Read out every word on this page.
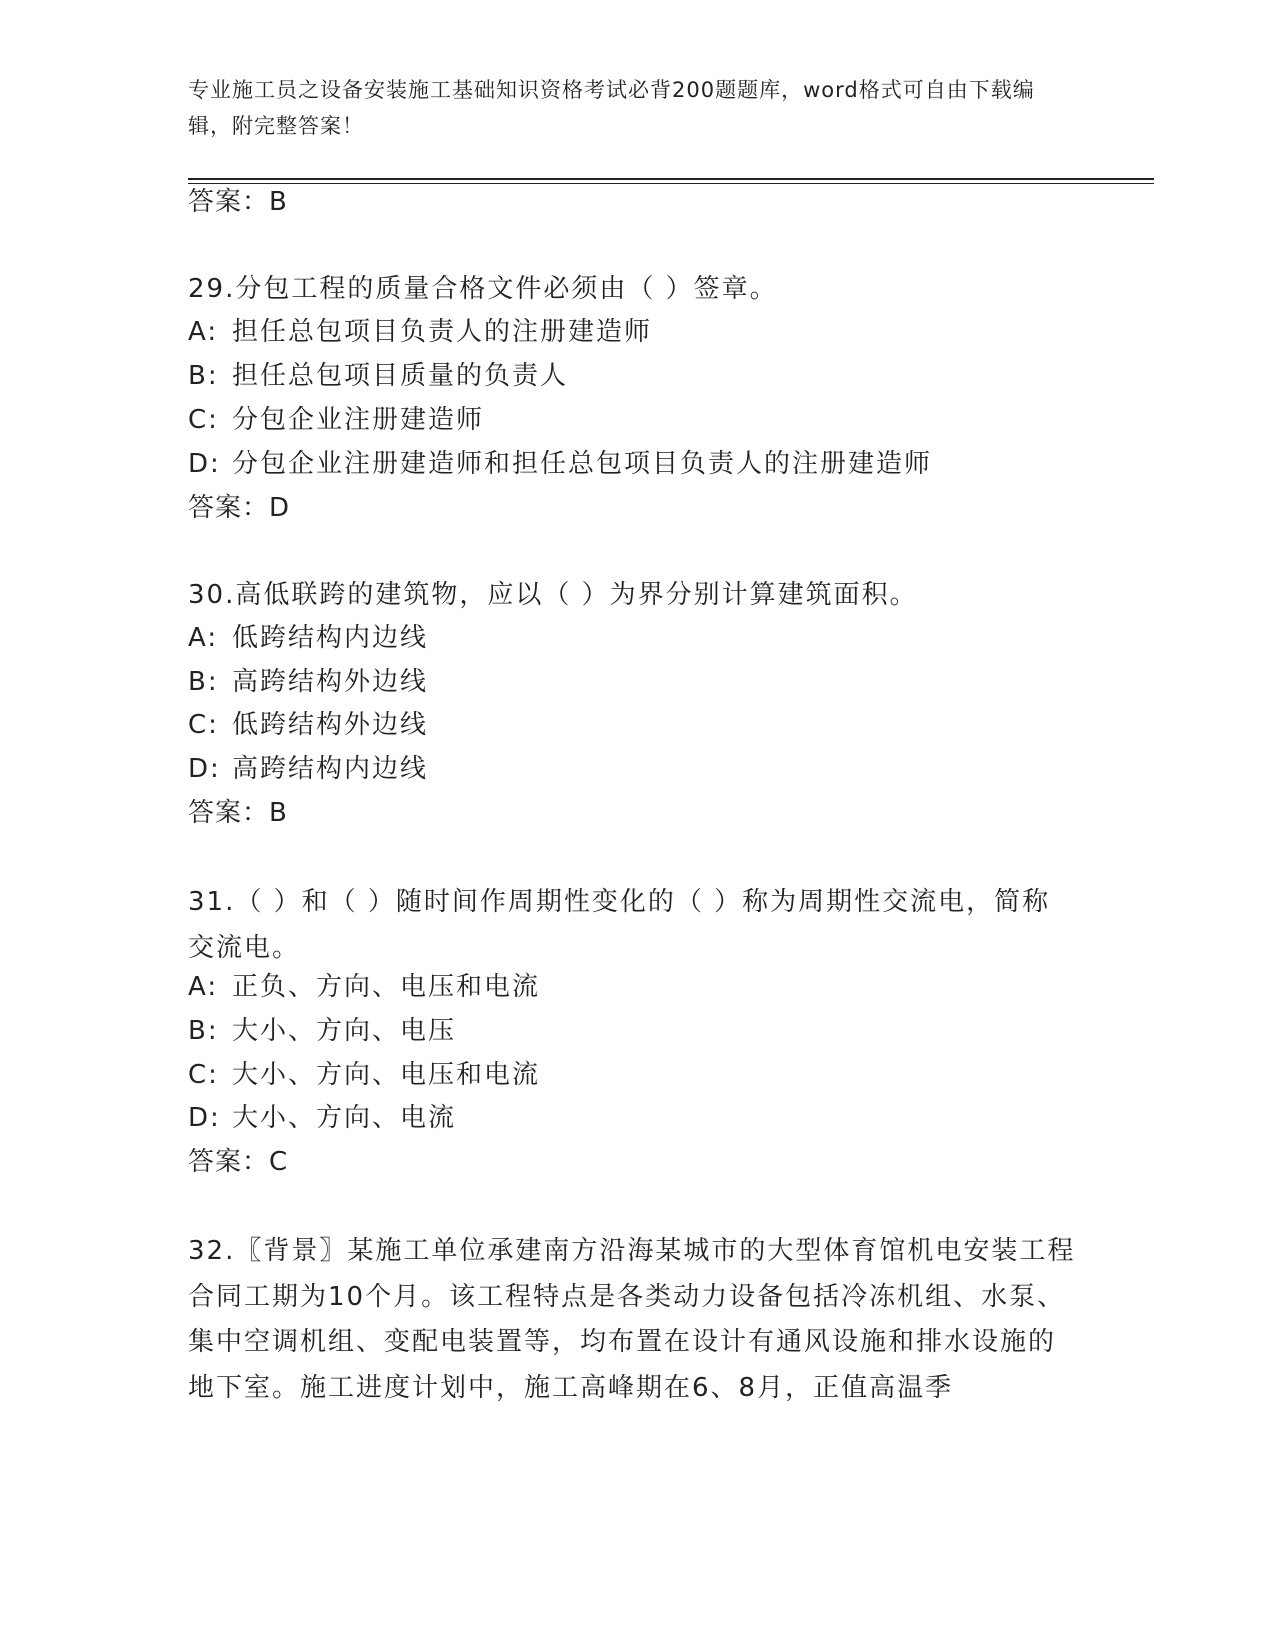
专业施工员之设备安装施工基础知识资格考试必背200题题库，word格式可自由下载编辑，附完整答案！
答案：B
29.分包工程的质量合格文件必须由（ ）签章。
A: 担任总包项目负责人的注册建造师
B: 担任总包项目质量的负责人
C: 分包企业注册建造师
D: 分包企业注册建造师和担任总包项目负责人的注册建造师
答案：D
30.高低联跨的建筑物，应以（ ）为界分别计算建筑面积。
A: 低跨结构内边线
B: 高跨结构外边线
C: 低跨结构外边线
D: 高跨结构内边线
答案：B
31.（ ）和（ ）随时间作周期性变化的（ ）称为周期性交流电，简称交流电。
A: 正负、方向、电压和电流
B: 大小、方向、电压
C: 大小、方向、电压和电流
D: 大小、方向、电流
答案：C
32.〖背景〗某施工单位承建南方沿海某城市的大型体育馆机电安装工程合同工期为10个月。该工程特点是各类动力设备包括冷冻机组、水泵、集中空调机组、变配电装置等，均布置在设计有通风设施和排水设施的地下室。施工进度计划中，施工高峰期在6、8月，正值高温季
